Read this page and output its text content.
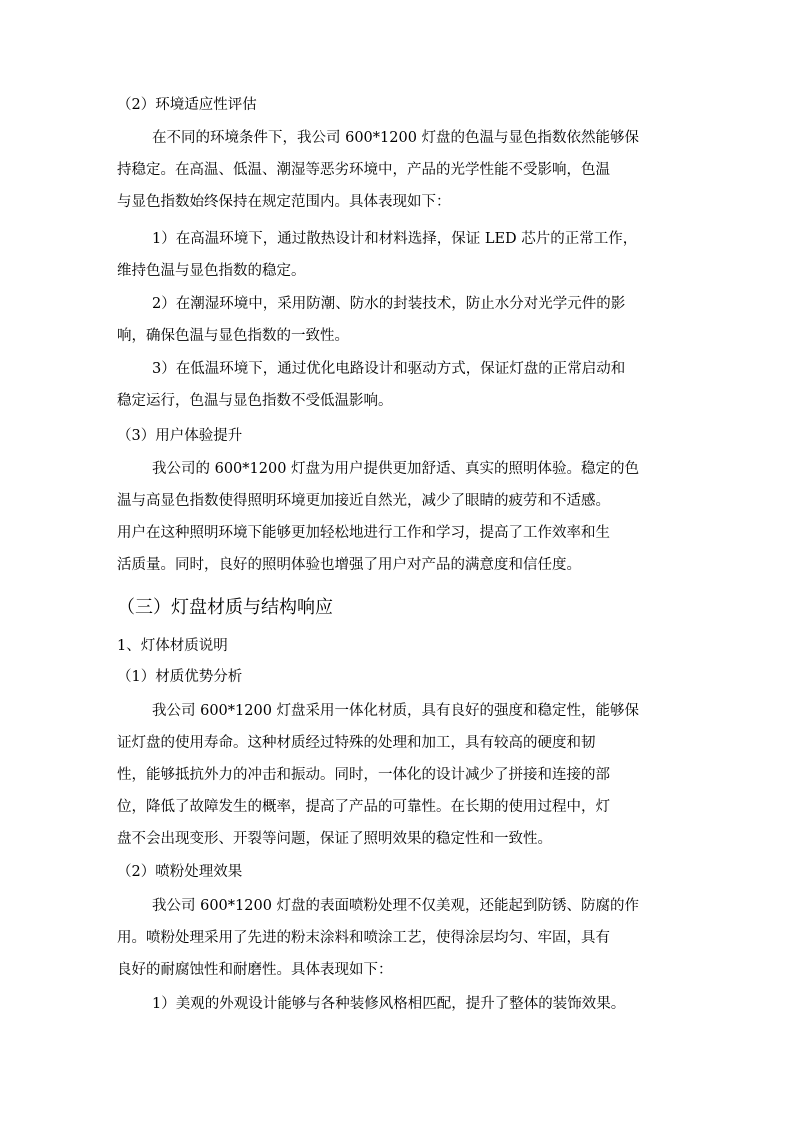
（2）环境适应性评估
在不同的环境条件下，我公司 600*1200 灯盘的色温与显色指数依然能够保
持稳定。在高温、低温、潮湿等恶劣环境中，产品的光学性能不受影响，色温
与显色指数始终保持在规定范围内。具体表现如下：
1）在高温环境下，通过散热设计和材料选择，保证 LED 芯片的正常工作，
维持色温与显色指数的稳定。
2）在潮湿环境中，采用防潮、防水的封装技术，防止水分对光学元件的影
响，确保色温与显色指数的一致性。
3）在低温环境下，通过优化电路设计和驱动方式，保证灯盘的正常启动和
稳定运行，色温与显色指数不受低温影响。
（3）用户体验提升
我公司的 600*1200 灯盘为用户提供更加舒适、真实的照明体验。稳定的色
温与高显色指数使得照明环境更加接近自然光，减少了眼睛的疲劳和不适感。
用户在这种照明环境下能够更加轻松地进行工作和学习，提高了工作效率和生
活质量。同时，良好的照明体验也增强了用户对产品的满意度和信任度。
（三）灯盘材质与结构响应
1、灯体材质说明
（1）材质优势分析
我公司 600*1200 灯盘采用一体化材质，具有良好的强度和稳定性，能够保
证灯盘的使用寿命。这种材质经过特殊的处理和加工，具有较高的硬度和韧
性，能够抵抗外力的冲击和振动。同时，一体化的设计减少了拼接和连接的部
位，降低了故障发生的概率，提高了产品的可靠性。在长期的使用过程中，灯
盘不会出现变形、开裂等问题，保证了照明效果的稳定性和一致性。
（2）喷粉处理效果
我公司 600*1200 灯盘的表面喷粉处理不仅美观，还能起到防锈、防腐的作
用。喷粉处理采用了先进的粉末涂料和喷涂工艺，使得涂层均匀、牢固，具有
良好的耐腐蚀性和耐磨性。具体表现如下：
1）美观的外观设计能够与各种装修风格相匹配，提升了整体的装饰效果。
